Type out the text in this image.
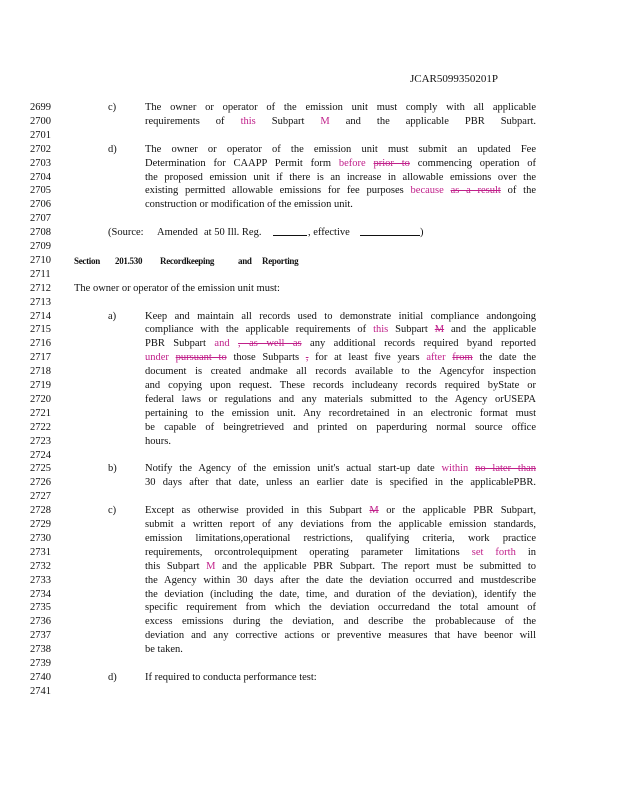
JCAR5099350201P
2699	c)	The owner or operator of the emission unit must comply with all applicable
2700	requirements of this Subpart M and the applicable PBR Subpart.
2701
2702	d)	The owner or operator of the emission unit must submit an updated Fee
2703	Determination for CAAPP Permit form before prior to commencing operation of
2704	the proposed emission unit if there is an increase in allowable emissions over the
2705	existing permitted allowable emissions for fee purposes because as a result of the
2706	construction or modification of the emission unit.
2707
2708	(Source: Amended at 50 Ill. Reg.	, effective	)
2709
2710	Section 201.530 Recordkeeping	and Reporting
2711
2712	The owner or operator of the emission unit must:
2713
2714	a)	Keep and maintain all records used to demonstrate initial compliance andongoing
2715	compliance with the applicable requirements of this Subpart M and the applicable
2716	PBR Subpart and , as well as any additional records required byand reported
2717	under pursuant to those Subparts , for at least five years after from the date the
2718	document is created andmake all records available to the Agencyfor inspection
2719	and copying upon request. These records includeany records required byState or
2720	federal laws or regulations and any materials submitted to the Agency orUSEPA
2721	pertaining to the emission unit. Any recordretained in an electronic format must
2722	be capable of beingretrieved and printed on paperduring normal source office
2723	hours.
2724
2725	b)	Notify the Agency of the emission unit's actual start-up date within no later than
2726	30 days after that date, unless an earlier date is specified in the applicablePBR.
2727
2728	c)	Except as otherwise provided in this Subpart M or the applicable PBR Subpart,
2729	submit a written report of any deviations from the applicable emission standards,
2730	emission limitations,operational restrictions, qualifying criteria, work practice
2731	requirements, orcontrolequipment operating parameter limitations set forth in
2732	this Subpart M and the applicable PBR Subpart. The report must be submitted to
2733	the Agency within 30 days after the date the deviation occurred and mustdescribe
2734	the deviation (including the date, time, and duration of the deviation), identify the
2735	specific requirement from which the deviation occurredand the total amount of
2736	excess emissions during the deviation, and describe the probablecause of the
2737	deviation and any corrective actions or preventive measures that have beenor will
2738	be taken.
2739
2740	d)	If required to conducta performance test:
2741
